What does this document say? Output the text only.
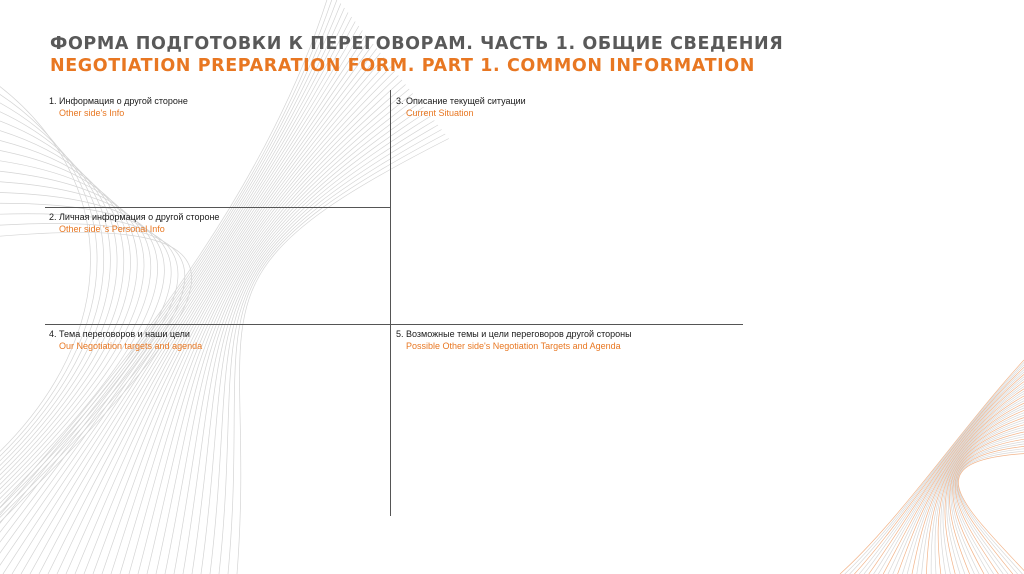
ФОРМА ПОДГОТОВКИ К ПЕРЕГОВОРАМ. ЧАСТЬ 1. ОБЩИЕ СВЕДЕНИЯ
NEGOTIATION PREPARATION FORM. PART 1. COMMON INFORMATION
1. Информация о другой стороне
Other side's Info
2. Личная информация о другой стороне
Other side 's Personal Info
3. Описание текущей ситуации
Current Situation
4. Тема переговоров и наши цели
Our Negotiation targets and agenda
5. Возможные темы и цели переговоров другой стороны
Possible Other side's Negotiation Targets and Agenda
